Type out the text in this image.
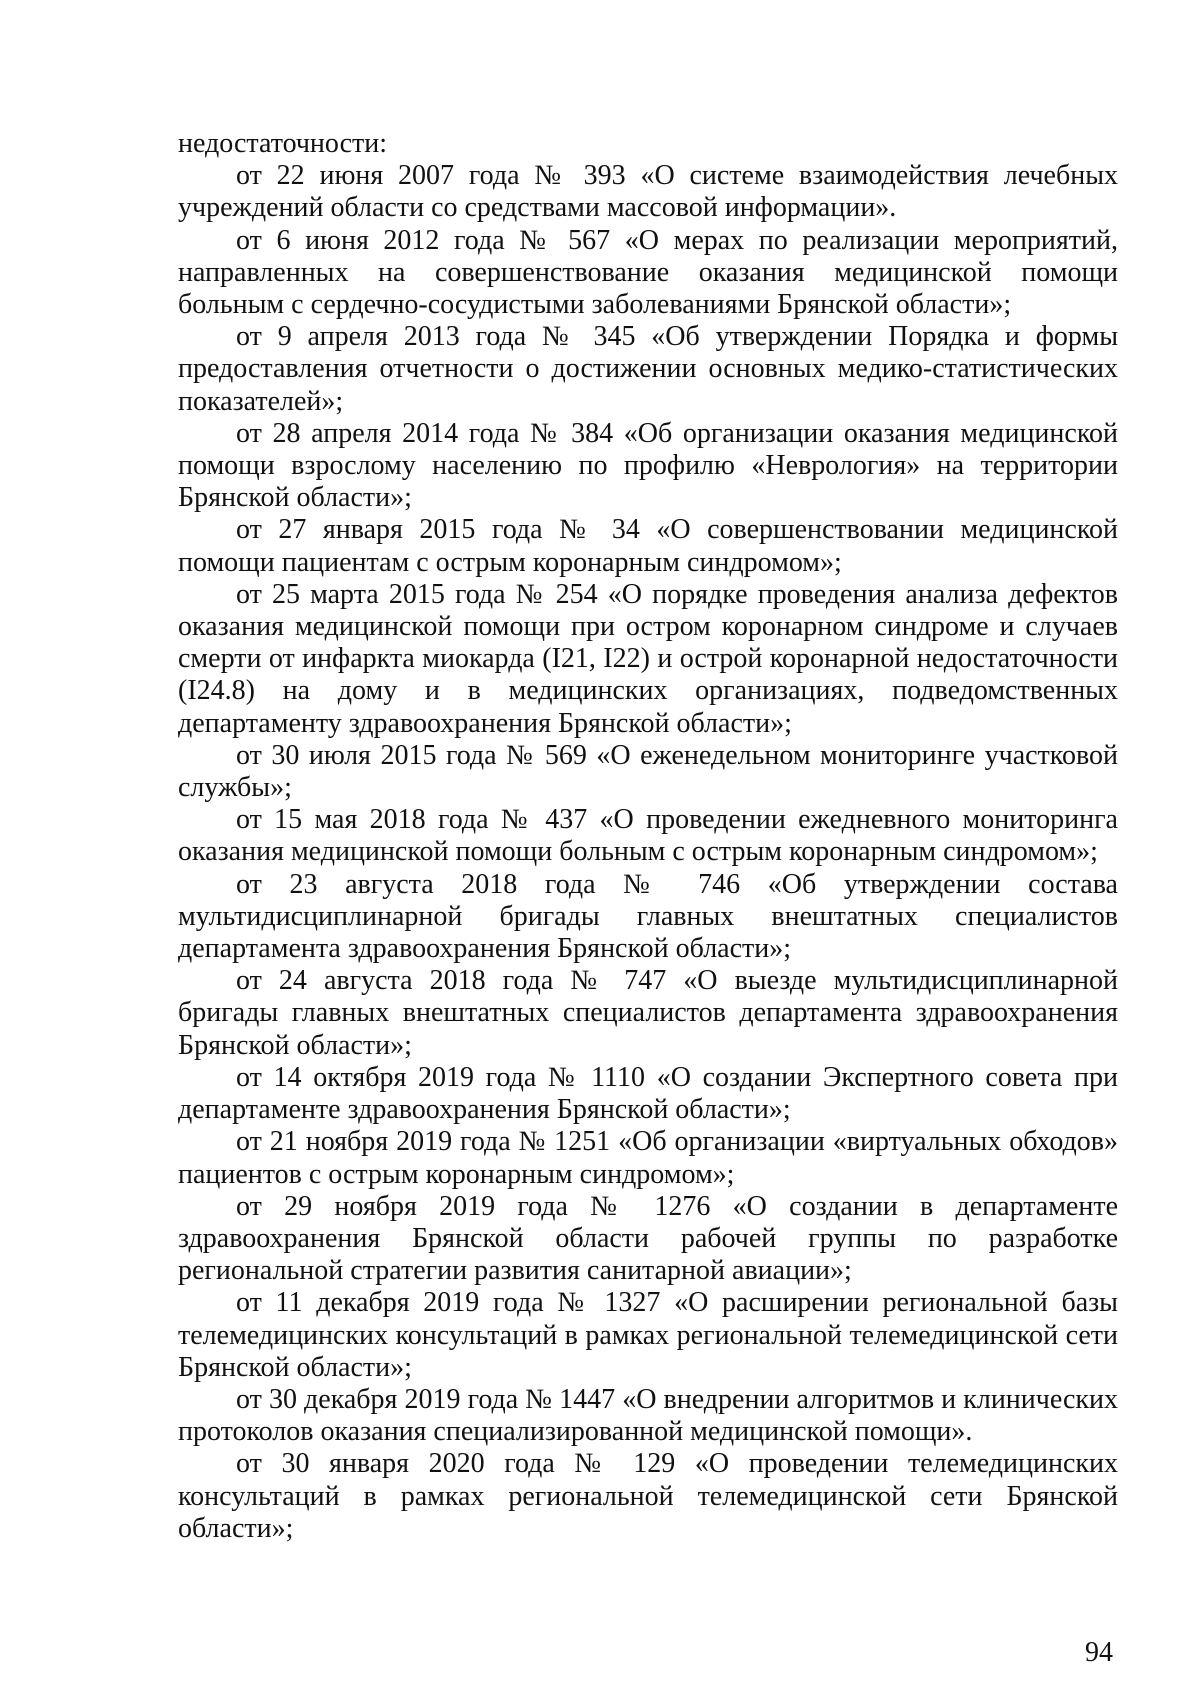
недостаточности:

от 22 июня 2007 года № 393 «О системе взаимодействия лечебных учреждений области со средствами массовой информации».

от 6 июня 2012 года № 567 «О мерах по реализации мероприятий, направленных на совершенствование оказания медицинской помощи больным с сердечно-сосудистыми заболеваниями Брянской области»;

от 9 апреля 2013 года № 345 «Об утверждении Порядка и формы предоставления отчетности о достижении основных медико-статистических показателей»;

от 28 апреля 2014 года № 384 «Об организации оказания медицинской помощи взрослому населению по профилю «Неврология» на территории Брянской области»;

от 27 января 2015 года № 34 «О совершенствовании медицинской помощи пациентам с острым коронарным синдромом»;

от 25 марта 2015 года № 254 «О порядке проведения анализа дефектов оказания медицинской помощи при остром коронарном синдроме и случаев смерти от инфаркта миокарда (I21, I22) и острой коронарной недостаточности (I24.8) на дому и в медицинских организациях, подведомственных департаменту здравоохранения Брянской области»;

от 30 июля 2015 года № 569 «О еженедельном мониторинге участковой службы»;

от 15 мая 2018 года № 437 «О проведении ежедневного мониторинга оказания медицинской помощи больным с острым коронарным синдромом»;

от 23 августа 2018 года № 746 «Об утверждении состава мультидисциплинарной бригады главных внештатных специалистов департамента здравоохранения Брянской области»;

от 24 августа 2018 года № 747 «О выезде мультидисциплинарной бригады главных внештатных специалистов департамента здравоохранения Брянской области»;

от 14 октября 2019 года № 1110 «О создании Экспертного совета при департаменте здравоохранения Брянской области»;

от 21 ноября 2019 года № 1251 «Об организации «виртуальных обходов» пациентов с острым коронарным синдромом»;

от 29 ноября 2019 года № 1276 «О создании в департаменте здравоохранения Брянской области рабочей группы по разработке региональной стратегии развития санитарной авиации»;

от 11 декабря 2019 года № 1327 «О расширении региональной базы телемедицинских консультаций в рамках региональной телемедицинской сети Брянской области»;

от 30 декабря 2019 года № 1447 «О внедрении алгоритмов и клинических протоколов оказания специализированной медицинской помощи».

от 30 января 2020 года № 129 «О проведении телемедицинских консультаций в рамках региональной телемедицинской сети Брянской области»;

94
